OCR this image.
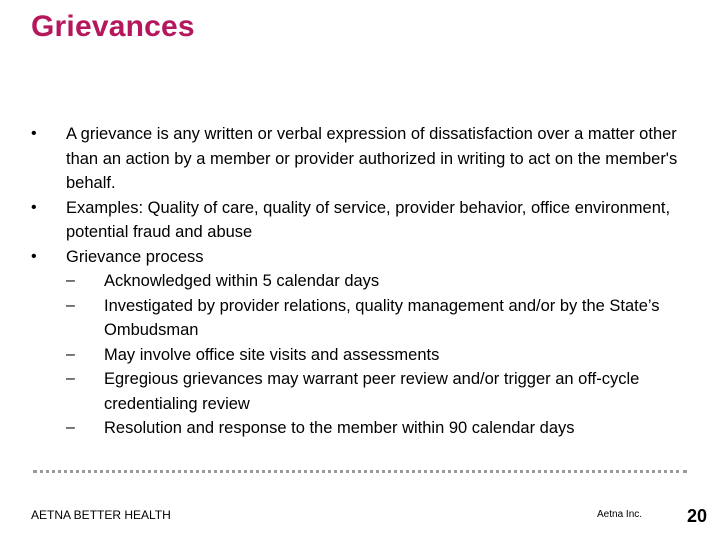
Grievances
• A grievance is any written or verbal expression of dissatisfaction over a matter other than an action by a member or provider authorized in writing to act on the member's behalf.
• Examples: Quality of care, quality of service, provider behavior, office environment, potential fraud and abuse
• Grievance process
– Acknowledged within 5 calendar days
– Investigated by provider relations, quality management and/or by the State’s Ombudsman
– May involve office site visits and assessments
– Egregious grievances may warrant peer review and/or trigger an off-cycle credentialing review
– Resolution and response to the member within 90 calendar days
AETNA BETTER HEALTH	Aetna Inc. 20
